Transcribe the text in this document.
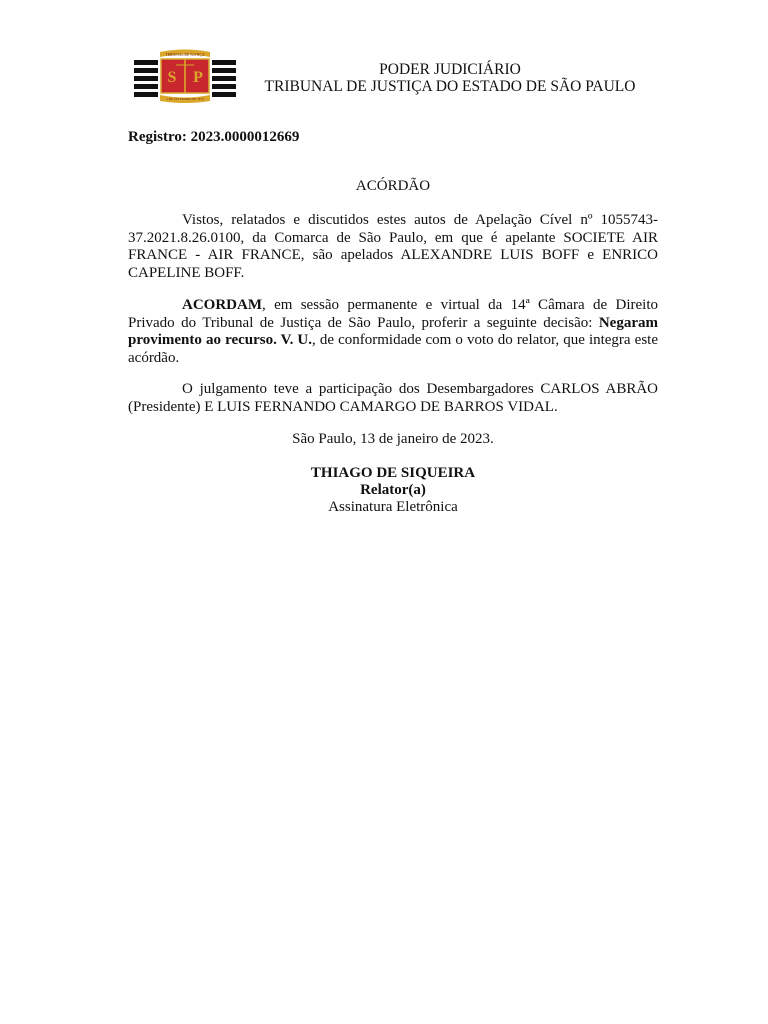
TRIBUNAL DE JUSTIÇA
S P
1 DE FEVEREIRO DE 1874
PODER JUDICIÁRIO
TRIBUNAL DE JUSTIÇA DO ESTADO DE SÃO PAULO
Registro: 2023.0000012669
ACÓRDÃO
Vistos, relatados e discutidos estes autos de Apelação Cível nº 1055743-37.2021.8.26.0100, da Comarca de São Paulo, em que é apelante SOCIETE AIR FRANCE - AIR FRANCE, são apelados ALEXANDRE LUIS BOFF e ENRICO CAPELINE BOFF.
ACORDAM, em sessão permanente e virtual da 14ª Câmara de Direito Privado do Tribunal de Justiça de São Paulo, proferir a seguinte decisão: Negaram provimento ao recurso. V. U., de conformidade com o voto do relator, que integra este acórdão.
O julgamento teve a participação dos Desembargadores CARLOS ABRÃO (Presidente) E LUIS FERNANDO CAMARGO DE BARROS VIDAL.
São Paulo, 13 de janeiro de 2023.
THIAGO DE SIQUEIRA
Relator(a)
Assinatura Eletrônica
